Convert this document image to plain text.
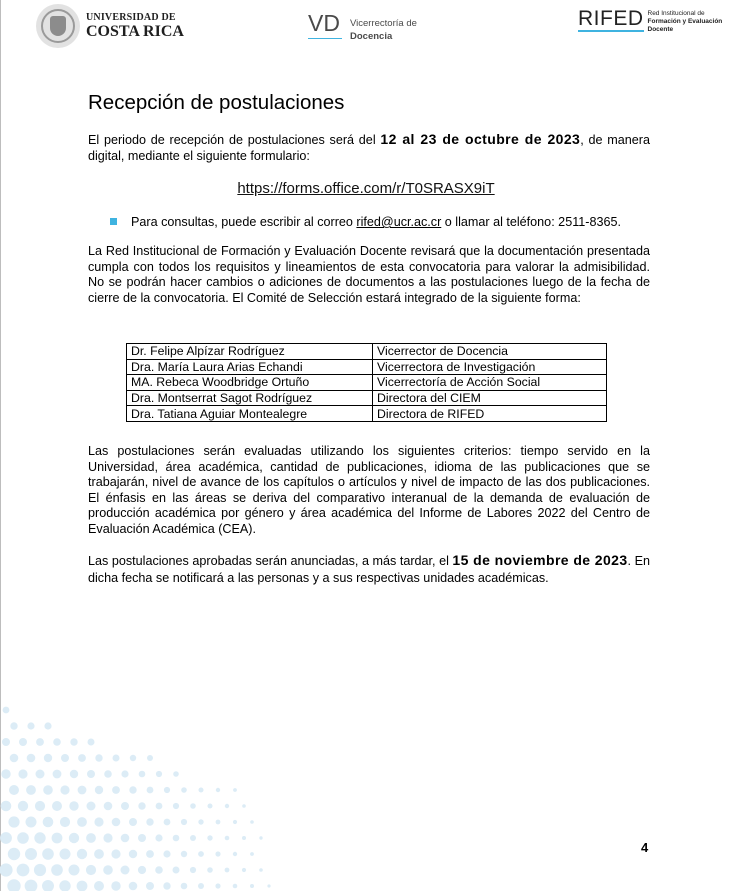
UNIVERSIDAD DE
COSTA RICA	VD Vicerrectoría de
Docencia
RIFED Red Institucional de
Formación y Evaluación
Docente
Recepción de postulaciones
El periodo de recepción de postulaciones será del 12 al 23 de octubre de 2023, de manera digital, mediante el siguiente formulario:
https://forms.office.com/r/T0SRASX9iT
Para consultas, puede escribir al correo rifed@ucr.ac.cr o llamar al teléfono: 2511-8365.
La Red Institucional de Formación y Evaluación Docente revisará que la documentación presentada cumpla con todos los requisitos y lineamientos de esta convocatoria para valorar la admisibilidad. No se podrán hacer cambios o adiciones de documentos a las postulaciones luego de la fecha de cierre de la convocatoria. El Comité de Selección estará integrado de la siguiente forma:
Dr. Felipe Alpízar Rodríguez	Vicerrector de Docencia
Dra. María Laura Arias Echandi	Vicerrectora de Investigación
MA. Rebeca Woodbridge Ortuño	Vicerrectoría de Acción Social
Dra. Montserrat Sagot Rodríguez	Directora del CIEM
Dra. Tatiana Aguiar Montealegre	Directora de RIFED
Las postulaciones serán evaluadas utilizando los siguientes criterios: tiempo servido en la Universidad, área académica, cantidad de publicaciones, idioma de las publicaciones que se trabajarán, nivel de avance de los capítulos o artículos y nivel de impacto de las dos publicaciones. El énfasis en las áreas se deriva del comparativo interanual de la demanda de evaluación de producción académica por género y área académica del Informe de Labores 2022 del Centro de Evaluación Académica (CEA).
Las postulaciones aprobadas serán anunciadas, a más tardar, el 15 de noviembre de 2023. En dicha fecha se notificará a las personas y a sus respectivas unidades académicas.
4
